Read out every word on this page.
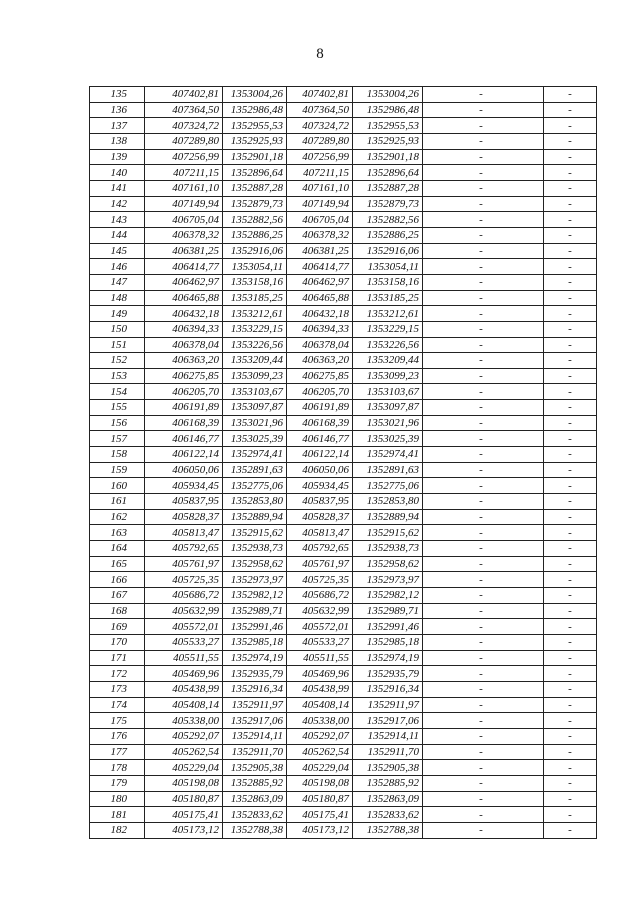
8
135	407402,81	1353004,26	407402,81	1353004,26	-	-
136	407364,50	1352986,48	407364,50	1352986,48	-	-
137	407324,72	1352955,53	407324,72	1352955,53	-	-
138	407289,80	1352925,93	407289,80	1352925,93	-	-
139	407256,99	1352901,18	407256,99	1352901,18	-	-
140	407211,15	1352896,64	407211,15	1352896,64	-	-
141	407161,10	1352887,28	407161,10	1352887,28	-	-
142	407149,94	1352879,73	407149,94	1352879,73	-	-
143	406705,04	1352882,56	406705,04	1352882,56	-	-
144	406378,32	1352886,25	406378,32	1352886,25	-	-
145	406381,25	1352916,06	406381,25	1352916,06	-	-
146	406414,77	1353054,11	406414,77	1353054,11	-	-
147	406462,97	1353158,16	406462,97	1353158,16	-	-
148	406465,88	1353185,25	406465,88	1353185,25	-	-
149	406432,18	1353212,61	406432,18	1353212,61	-	-
150	406394,33	1353229,15	406394,33	1353229,15	-	-
151	406378,04	1353226,56	406378,04	1353226,56	-	-
152	406363,20	1353209,44	406363,20	1353209,44	-	-
153	406275,85	1353099,23	406275,85	1353099,23	-	-
154	406205,70	1353103,67	406205,70	1353103,67	-	-
155	406191,89	1353097,87	406191,89	1353097,87	-	-
156	406168,39	1353021,96	406168,39	1353021,96	-	-
157	406146,77	1353025,39	406146,77	1353025,39	-	-
158	406122,14	1352974,41	406122,14	1352974,41	-	-
159	406050,06	1352891,63	406050,06	1352891,63	-	-
160	405934,45	1352775,06	405934,45	1352775,06	-	-
161	405837,95	1352853,80	405837,95	1352853,80	-	-
162	405828,37	1352889,94	405828,37	1352889,94	-	-
163	405813,47	1352915,62	405813,47	1352915,62	-	-
164	405792,65	1352938,73	405792,65	1352938,73	-	-
165	405761,97	1352958,62	405761,97	1352958,62	-	-
166	405725,35	1352973,97	405725,35	1352973,97	-	-
167	405686,72	1352982,12	405686,72	1352982,12	-	-
168	405632,99	1352989,71	405632,99	1352989,71	-	-
169	405572,01	1352991,46	405572,01	1352991,46	-	-
170	405533,27	1352985,18	405533,27	1352985,18	-	-
171	405511,55	1352974,19	405511,55	1352974,19	-	-
172	405469,96	1352935,79	405469,96	1352935,79	-	-
173	405438,99	1352916,34	405438,99	1352916,34	-	-
174	405408,14	1352911,97	405408,14	1352911,97	-	-
175	405338,00	1352917,06	405338,00	1352917,06	-	-
176	405292,07	1352914,11	405292,07	1352914,11	-	-
177	405262,54	1352911,70	405262,54	1352911,70	-	-
178	405229,04	1352905,38	405229,04	1352905,38	-	-
179	405198,08	1352885,92	405198,08	1352885,92	-	-
180	405180,87	1352863,09	405180,87	1352863,09	-	-
181	405175,41	1352833,62	405175,41	1352833,62	-	-
182	405173,12	1352788,38	405173,12	1352788,38	-	-
